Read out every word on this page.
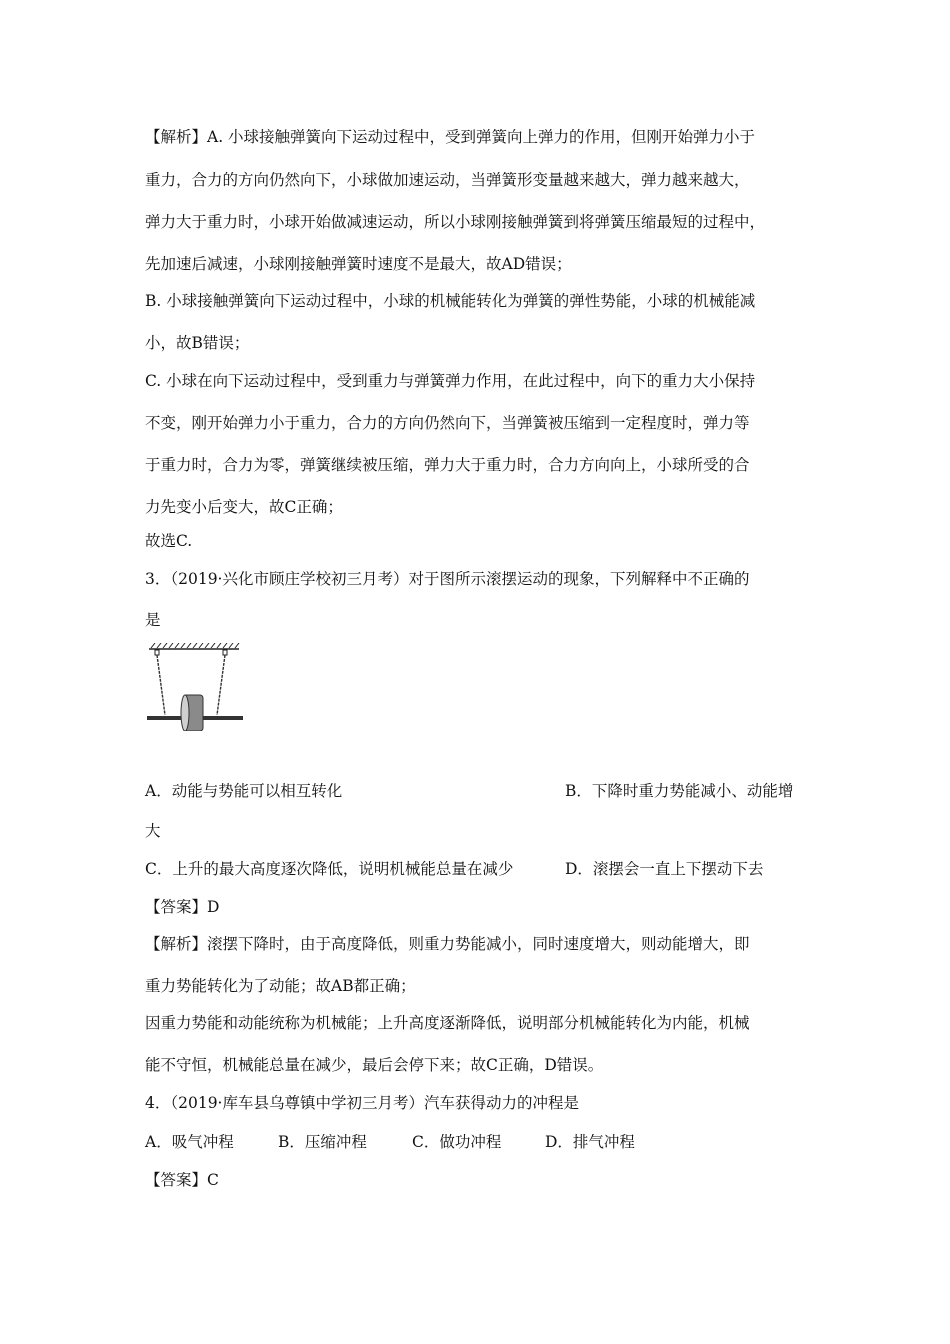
【解析】A. 小球接触弹簧向下运动过程中，受到弹簧向上弹力的作用，但刚开始弹力小于
重力，合力的方向仍然向下，小球做加速运动，当弹簧形变量越来越大，弹力越来越大，
弹力大于重力时，小球开始做减速运动，所以小球刚接触弹簧到将弹簧压缩最短的过程中，
先加速后减速，小球刚接触弹簧时速度不是最大，故AD错误；
B. 小球接触弹簧向下运动过程中，小球的机械能转化为弹簧的弹性势能，小球的机械能减
小，故B错误；
C. 小球在向下运动过程中，受到重力与弹簧弹力作用，在此过程中，向下的重力大小保持
不变，刚开始弹力小于重力，合力的方向仍然向下，当弹簧被压缩到一定程度时，弹力等
于重力时，合力为零，弹簧继续被压缩，弹力大于重力时，合力方向向上，小球所受的合
力先变小后变大，故C正确；
故选C.
3．（2019·兴化市顾庄学校初三月考）对于图所示滚摆运动的现象，下列解释中不正确的
是
A．动能与势能可以相互转化	B．下降时重力势能减小、动能增
大
C．上升的最大高度逐次降低，说明机械能总量在减少	D．滚摆会一直上下摆动下去
【答案】D
【解析】滚摆下降时，由于高度降低，则重力势能减小，同时速度增大，则动能增大，即
重力势能转化为了动能；故AB都正确；
因重力势能和动能统称为机械能；上升高度逐渐降低，说明部分机械能转化为内能，机械
能不守恒，机械能总量在减少，最后会停下来；故C正确，D错误。
4．（2019·库车县乌尊镇中学初三月考）汽车获得动力的冲程是
A．吸气冲程	B．压缩冲程	C．做功冲程	D．排气冲程
【答案】C
